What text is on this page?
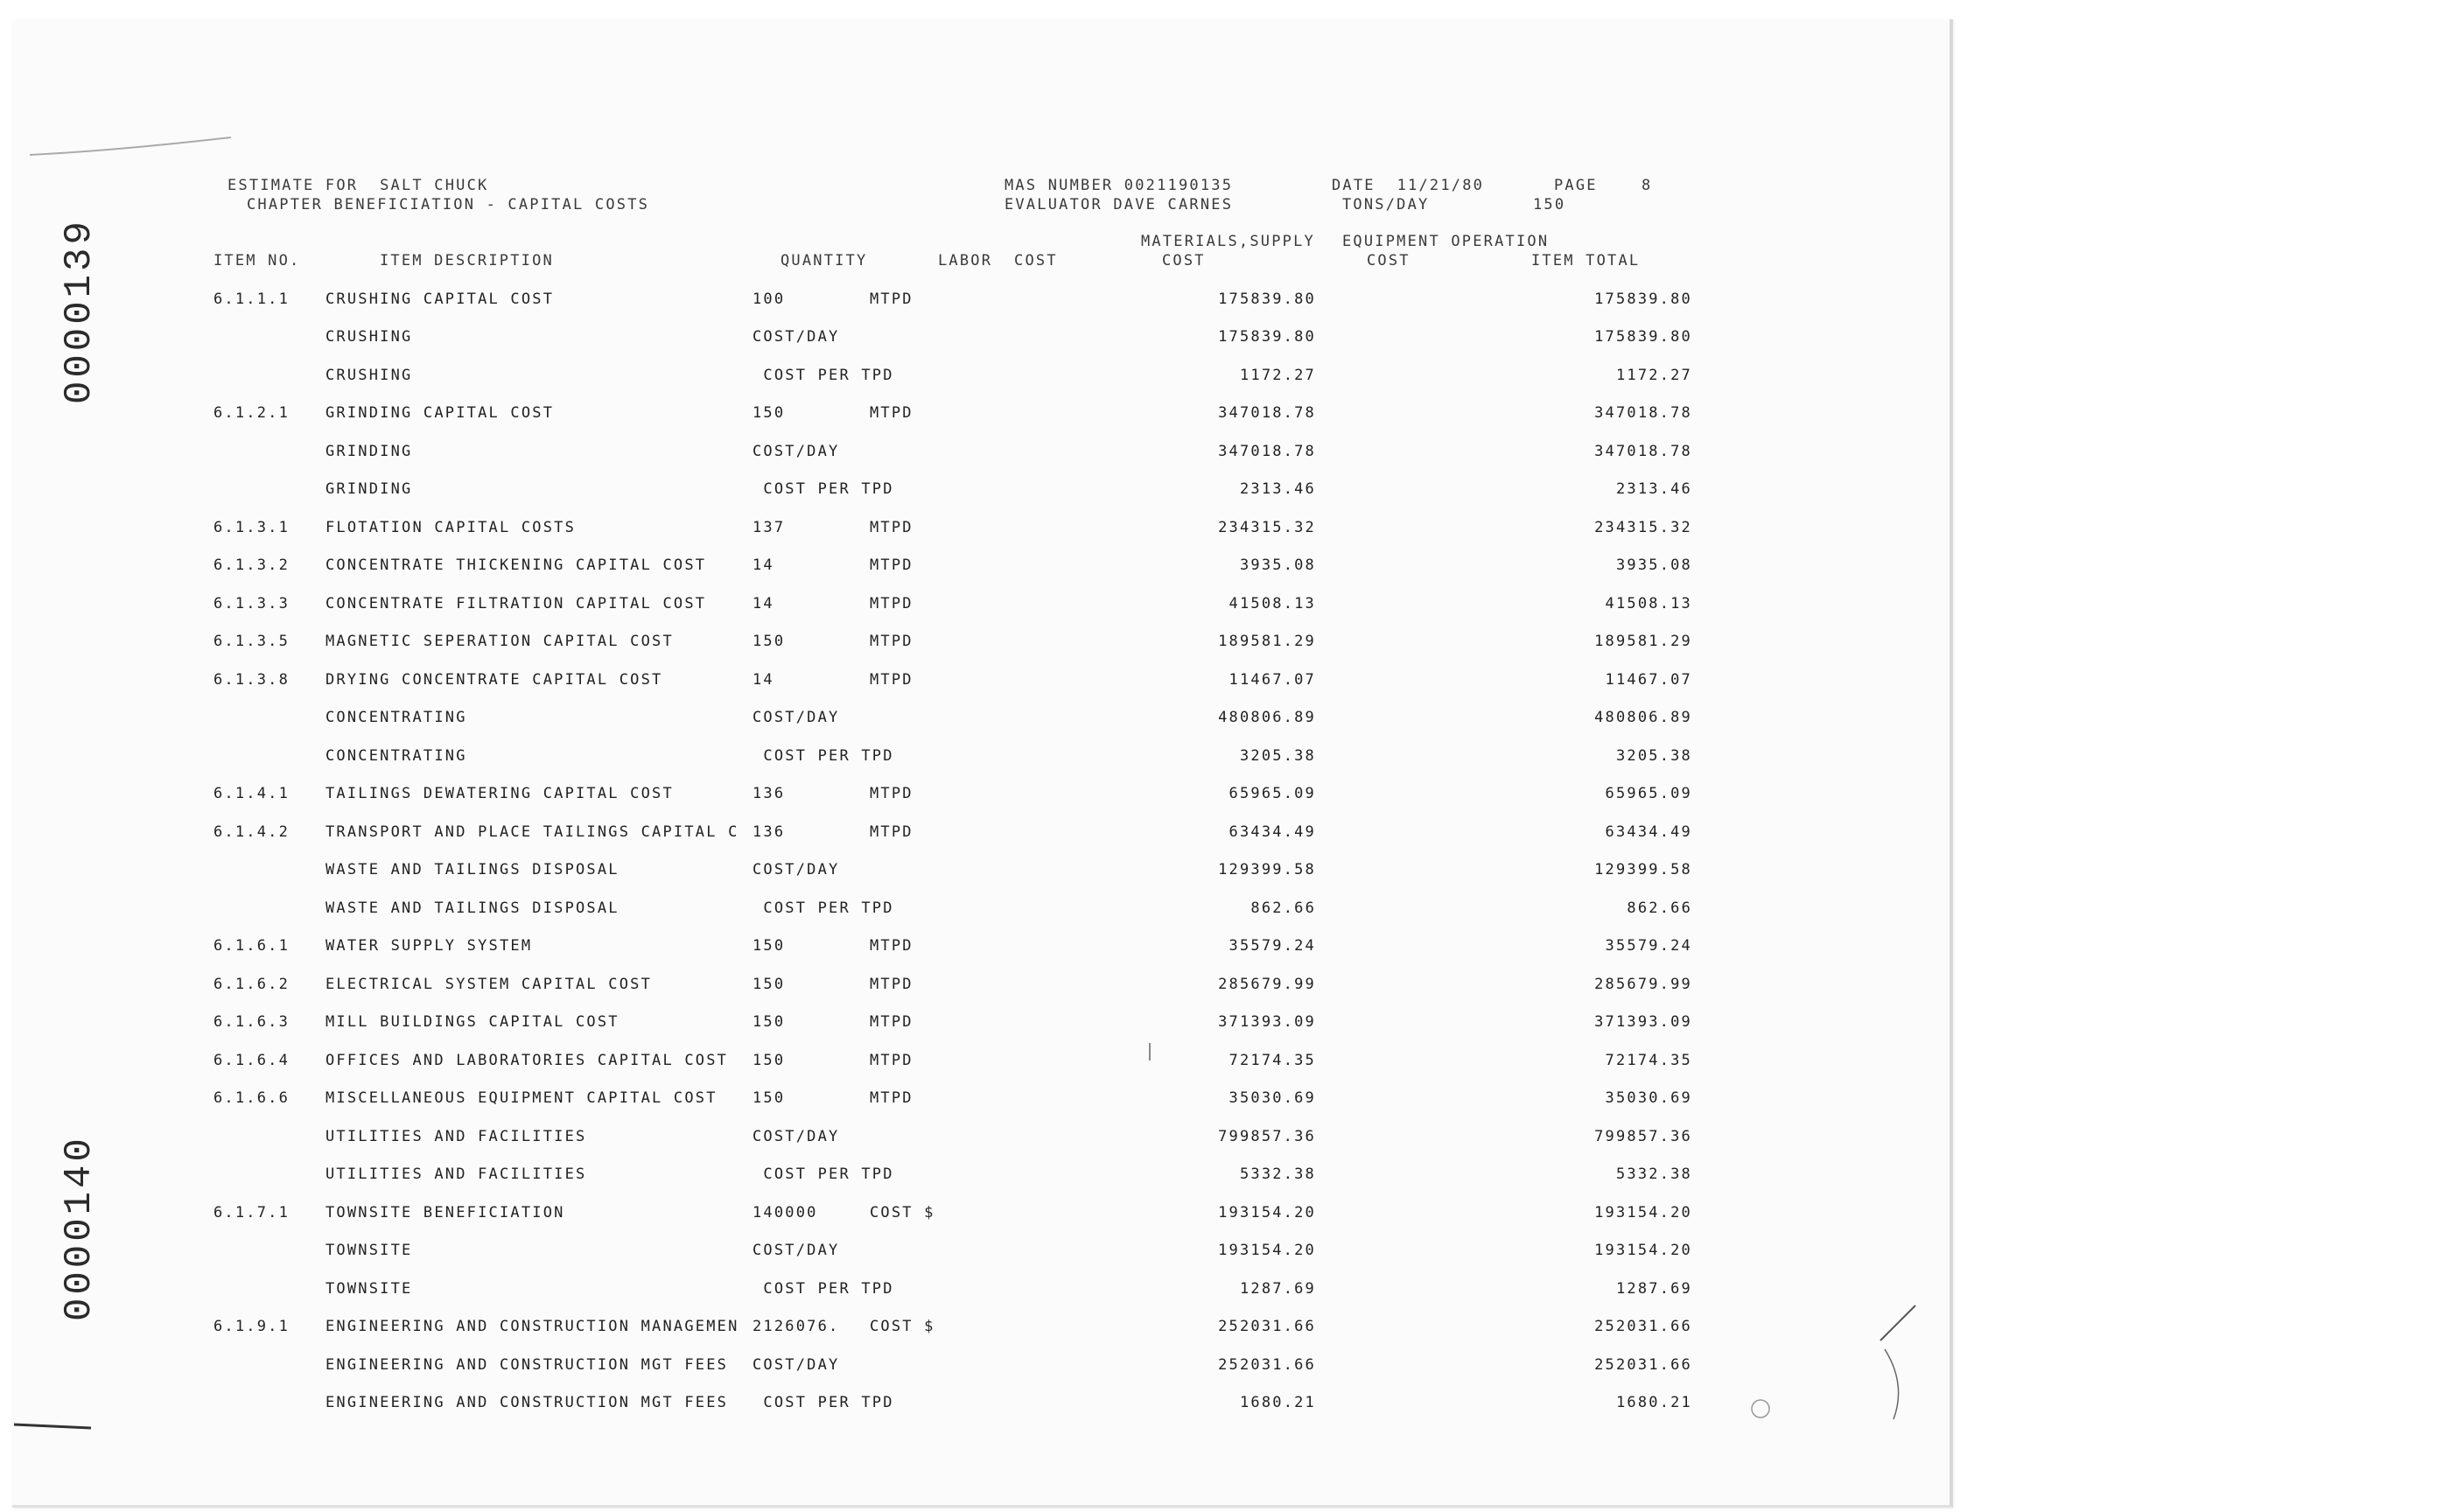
0000139
0000140
ESTIMATE FOR  SALT CHUCK
CHAPTER BENEFICIATION - CAPITAL COSTS
MAS NUMBER 0021190135
EVALUATOR DAVE CARNES
DATE  11/21/80
TONS/DAY	150
PAGE	8
MATERIALS,SUPPLY EQUIPMENT OPERATION
ITEM NO.	ITEM DESCRIPTION	QUANTITY	LABOR  COST	COST	COST	ITEM TOTAL
6.1.1.1 CRUSHING CAPITAL COST	100	MTPD	175839.80	175839.80
CRUSHING	COST/DAY	175839.80	175839.80
CRUSHING	COST PER TPD	1172.27	1172.27
6.1.2.1 GRINDING CAPITAL COST	150	MTPD	347018.78	347018.78
GRINDING	COST/DAY	347018.78	347018.78
GRINDING	COST PER TPD	2313.46	2313.46
6.1.3.1 FLOTATION CAPITAL COSTS	137	MTPD	234315.32	234315.32
6.1.3.2 CONCENTRATE THICKENING CAPITAL COST	14	MTPD	3935.08	3935.08
6.1.3.3 CONCENTRATE FILTRATION CAPITAL COST	14	MTPD	41508.13	41508.13
6.1.3.5 MAGNETIC SEPERATION CAPITAL COST	150	MTPD	189581.29	189581.29
6.1.3.8 DRYING CONCENTRATE CAPITAL COST	14	MTPD	11467.07	11467.07
CONCENTRATING	COST/DAY	480806.89	480806.89
CONCENTRATING	COST PER TPD	3205.38	3205.38
6.1.4.1 TAILINGS DEWATERING CAPITAL COST	136	MTPD	65965.09	65965.09
6.1.4.2 TRANSPORT AND PLACE TAILINGS CAPITAL C 136	MTPD	63434.49	63434.49
WASTE AND TAILINGS DISPOSAL	COST/DAY	129399.58	129399.58
WASTE AND TAILINGS DISPOSAL	COST PER TPD	862.66	862.66
6.1.6.1 WATER SUPPLY SYSTEM	150	MTPD	35579.24	35579.24
6.1.6.2 ELECTRICAL SYSTEM CAPITAL COST	150	MTPD	285679.99	285679.99
6.1.6.3 MILL BUILDINGS CAPITAL COST	150	MTPD	371393.09	371393.09
6.1.6.4 OFFICES AND LABORATORIES CAPITAL COST 150	MTPD	72174.35	72174.35
6.1.6.6 MISCELLANEOUS EQUIPMENT CAPITAL COST 150	MTPD	35030.69	35030.69
UTILITIES AND FACILITIES	COST/DAY	799857.36	799857.36
UTILITIES AND FACILITIES	COST PER TPD	5332.38	5332.38
6.1.7.1 TOWNSITE BENEFICIATION	140000	COST $	193154.20	193154.20
TOWNSITE	COST/DAY	193154.20	193154.20
TOWNSITE	COST PER TPD	1287.69	1287.69
6.1.9.1 ENGINEERING AND CONSTRUCTION MANAGEMEN 2126076. COST $	252031.66	252031.66
ENGINEERING AND CONSTRUCTION MGT FEES COST/DAY	252031.66	252031.66
ENGINEERING AND CONSTRUCTION MGT FEES COST PER TPD	1680.21	1680.21
